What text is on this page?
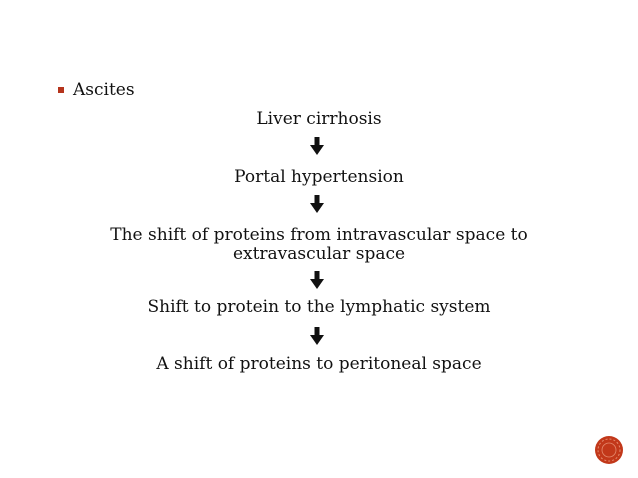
Ascites
Liver cirrhosis
Portal hypertension
The shift of proteins from intravascular space to
extravascular space
Shift to protein to the lymphatic system
A shift of proteins to peritoneal space
